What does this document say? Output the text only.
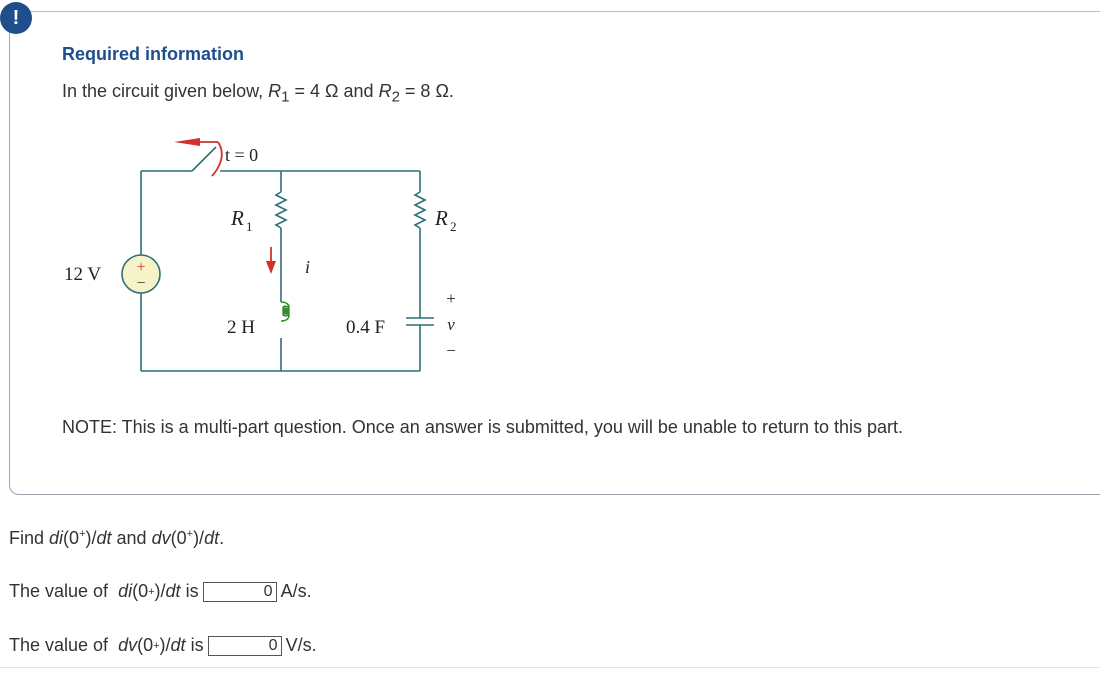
!
Required information
In the circuit given below, $R_1 = 4$ Ω and $R_2 = 8$ Ω.
+
−
t = 0
12 V
R 1	R 2
i
2 H	0.4 F
+
v
−
NOTE: This is a multi-part question. Once an answer is submitted, you will be unable to return to this part.
Find di(0+)/dt and dv(0+)/dt.
The value of
di (0 + )/ dt
is
0	A/s.
The value of
dv (0 + )/ dt
is
0	V/s.
